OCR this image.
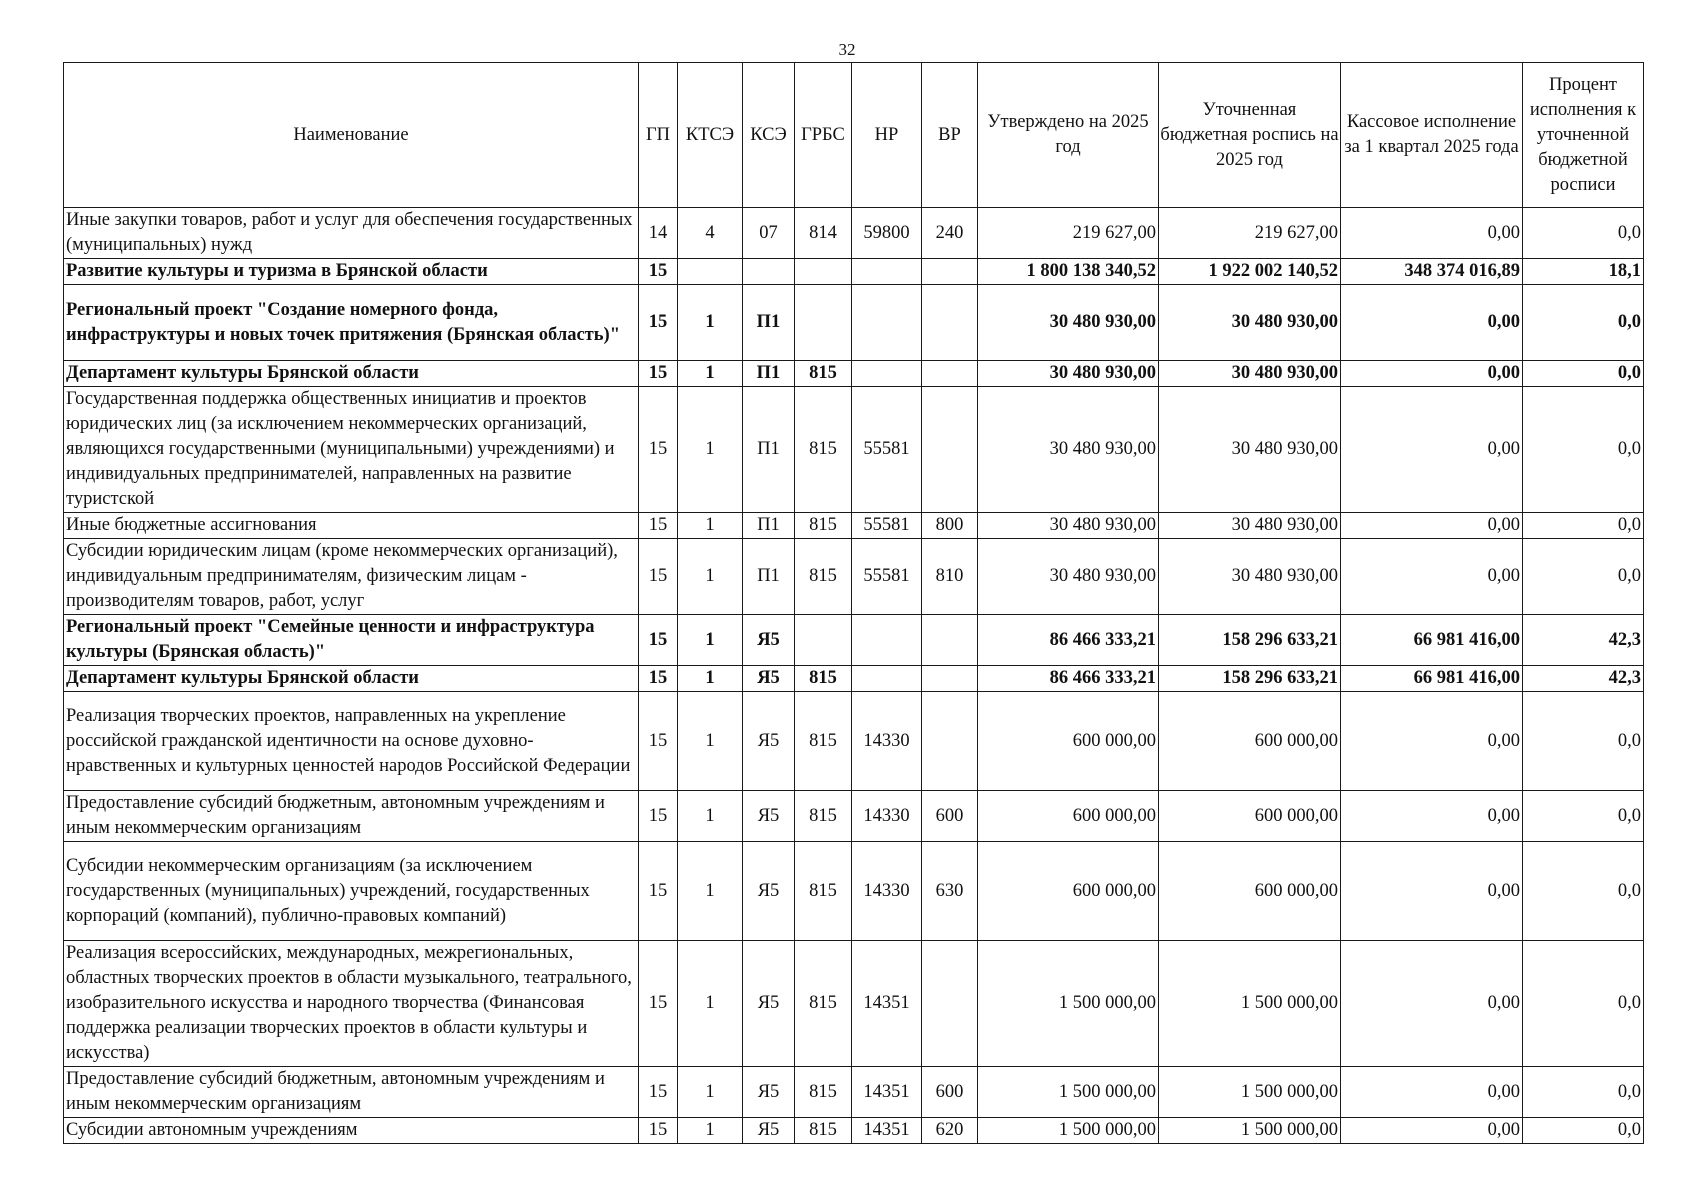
32
Наименование	ГП	КТСЭ	КСЭ	ГРБС	НР	ВР	Утверждено на 2025 год	Уточненная бюджетная роспись на 2025 год	Кассовое исполнение за 1 квартал 2025 года	Процент исполнения к уточненной бюджетной росписи
Иные закупки товаров, работ и услуг для обеспечения государственных (муниципальных) нужд	14	4	07	814	59800	240	219 627,00	219 627,00	0,00	0,0
Развитие культуры и туризма в Брянской области	15						1 800 138 340,52	1 922 002 140,52	348 374 016,89	18,1
Региональный проект "Создание номерного фонда, инфраструктуры и новых точек притяжения (Брянская область)"	15	1	П1				30 480 930,00	30 480 930,00	0,00	0,0
Департамент культуры Брянской области	15	1	П1	815			30 480 930,00	30 480 930,00	0,00	0,0
Государственная поддержка общественных инициатив и проектов юридических лиц (за исключением некоммерческих организаций, являющихся государственными (муниципальными) учреждениями) и индивидуальных предпринимателей, направленных на развитие туристской	15	1	П1	815	55581		30 480 930,00	30 480 930,00	0,00	0,0
Иные бюджетные ассигнования	15	1	П1	815	55581	800	30 480 930,00	30 480 930,00	0,00	0,0
Субсидии юридическим лицам (кроме некоммерческих организаций), индивидуальным предпринимателям, физическим лицам - производителям товаров, работ, услуг	15	1	П1	815	55581	810	30 480 930,00	30 480 930,00	0,00	0,0
Региональный проект "Семейные ценности и инфраструктура культуры (Брянская область)"	15	1	Я5				86 466 333,21	158 296 633,21	66 981 416,00	42,3
Департамент культуры Брянской области	15	1	Я5	815			86 466 333,21	158 296 633,21	66 981 416,00	42,3
Реализация творческих проектов, направленных на укрепление российской гражданской идентичности на основе духовно-нравственных и культурных ценностей народов Российской Федерации	15	1	Я5	815	14330		600 000,00	600 000,00	0,00	0,0
Предоставление субсидий бюджетным, автономным учреждениям и иным некоммерческим организациям	15	1	Я5	815	14330	600	600 000,00	600 000,00	0,00	0,0
Субсидии некоммерческим организациям (за исключением государственных (муниципальных) учреждений, государственных корпораций (компаний), публично-правовых компаний)	15	1	Я5	815	14330	630	600 000,00	600 000,00	0,00	0,0
Реализация всероссийских, международных, межрегиональных, областных творческих проектов в области музыкального, театрального, изобразительного искусства и народного творчества (Финансовая поддержка реализации творческих проектов в области культуры и искусства)	15	1	Я5	815	14351		1 500 000,00	1 500 000,00	0,00	0,0
Предоставление субсидий бюджетным, автономным учреждениям и иным некоммерческим организациям	15	1	Я5	815	14351	600	1 500 000,00	1 500 000,00	0,00	0,0
Субсидии автономным учреждениям	15	1	Я5	815	14351	620	1 500 000,00	1 500 000,00	0,00	0,0
